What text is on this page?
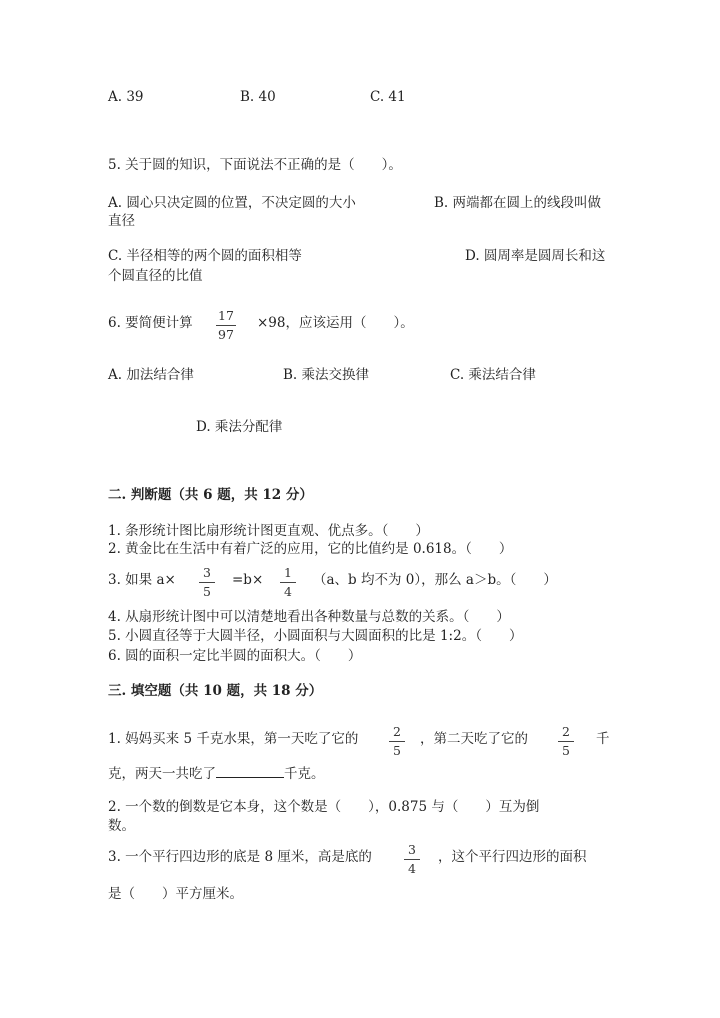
A. 39	B. 40	C. 41
5. 关于圆的知识，下面说法不正确的是（　　）。
A. 圆心只决定圆的位置，不决定圆的大小	B. 两端都在圆上的线段叫做
直径
C. 半径相等的两个圆的面积相等	D. 圆周率是圆周长和这
个圆直径的比值
6. 要简便计算 17
97
×98，应该运用（　　）。
A. 加法结合律	B. 乘法交换律	C. 乘法结合律
D. 乘法分配律
二. 判断题（共 6 题，共 12 分）
1. 条形统计图比扇形统计图更直观、优点多。（　　）
2. 黄金比在生活中有着广泛的应用，它的比值约是 0.618。（　　）
3. 如果 a× 3
5
=b× 1
4
（a、b 均不为 0），那么 a＞b。（　　）
4. 从扇形统计图中可以清楚地看出各种数量与总数的关系。（　　）
5. 小圆直径等于大圆半径，小圆面积与大圆面积的比是 1:2。（　　）
6. 圆的面积一定比半圆的面积大。（　　）
三. 填空题（共 10 题，共 18 分）
1. 妈妈买来 5 千克水果，第一天吃了它的	2
5
，第二天吃了它的	2
5
千
克，两天一共吃了	千克。
2. 一个数的倒数是它本身，这个数是（　　），0.875 与（　　）互为倒
数。
3. 一个平行四边形的底是 8 厘米，高是底的	3
4
，这个平行四边形的面积
是（　　）平方厘米。
